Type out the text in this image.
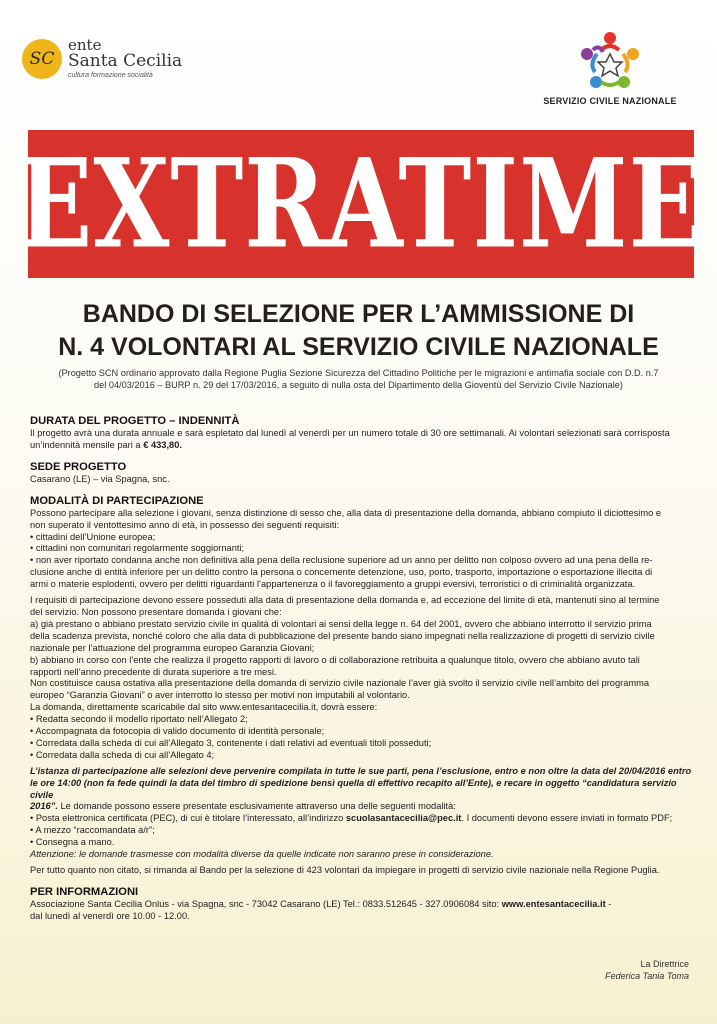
SC
ente
Santa Cecilia
cultura formazione socialità
SERVIZIO CIVILE NAZIONALE
EXTRATIME
BANDO DI SELEZIONE PER L’AMMISSIONE DI
N. 4 VOLONTARI AL SERVIZIO CIVILE NAZIONALE
(Progetto SCN ordinario approvato dalla Regione Puglia Sezione Sicurezza del Cittadino Politiche per le migrazioni e antimafia sociale con D.D. n.7
del 04/03/2016 – BURP n. 29 del 17/03/2016, a seguito di nulla osta del Dipartimento della Gioventù del Servizio Civile Nazionale)

DURATA DEL PROGETTO – INDENNITÀ

Il progetto avrà una durata annuale e sarà espletato dal lunedì al venerdì per un numero totale di 30 ore settimanali. Ai volontari selezionati sarà corrisposta

un’indennità mensile pari a € 433,80.

SEDE PROGETTO

Casarano (LE) – via Spagna, snc.

MODALITÀ DI PARTECIPAZIONE

Possono partecipare alla selezione i giovani, senza distinzione di sesso che, alla data di presentazione della domanda, abbiano compiuto il diciottesimo e

non superato il ventottesimo anno di età, in possesso dei seguenti requisiti:

• cittadini dell’Unione europea;

• cittadini non comunitari regolarmente soggiornanti;

• non aver riportato condanna anche non definitiva alla pena della reclusione superiore ad un anno per delitto non colposo ovvero ad una pena della re-

clusione anche di entità inferiore per un delitto contro la persona o concernente detenzione, uso, porto, trasporto, importazione o esportazione illecita di

armi o materie esplodenti, ovvero per delitti riguardanti l’appartenenza o il favoreggiamento a gruppi eversivi, terroristici o di criminalità organizzata.

I requisiti di partecipazione devono essere posseduti alla data di presentazione della domanda e, ad eccezione del limite di età, mantenuti sino al termine

del servizio. Non possono presentare domanda i giovani che:

a) già prestano o abbiano prestato servizio civile in qualità di volontari ai sensi della legge n. 64 del 2001, ovvero che abbiano interrotto il servizio prima

della scadenza prevista, nonché coloro che alla data di pubblicazione del presente bando siano impegnati nella realizzazione di progetti di servizio civile

nazionale per l’attuazione del programma europeo Garanzia Giovani;

b) abbiano in corso con l’ente che realizza il progetto rapporti di lavoro o di collaborazione retribuita a qualunque titolo, ovvero che abbiano avuto tali

rapporti nell’anno precedente di durata superiore a tre mesi.

Non costituisce causa ostativa alla presentazione della domanda di servizio civile nazionale l’aver già svolto il servizio civile nell’ambito del programma

europeo “Garanzia Giovani” o aver interrotto lo stesso per motivi non imputabili al volontario.

La domanda, direttamente scaricabile dal sito www.entesantacecilia.it, dovrà essere:

• Redatta secondo il modello riportato nell’Allegato 2;

• Accompagnata da fotocopia di valido documento di identità personale;

• Corredata dalla scheda di cui all’Allegato 3, contenente i dati relativi ad eventuali titoli posseduti;

• Corredata dalla scheda di cui all’Allegato 4;

L’istanza di partecipazione alle selezioni deve pervenire compilata in tutte le sue parti, pena l’esclusione, entro e non oltre la data del 20/04/2016 entro

le ore 14:00 (non fa fede quindi la data del timbro di spedizione bensì quella di effettivo recapito all’Ente), e recare in oggetto “candidatura servizio civile

2016”. Le domande possono essere presentate esclusivamente attraverso una delle seguenti modalità:

• Posta elettronica certificata (PEC), di cui è titolare l’interessato, all’indirizzo scuolasantacecilia@pec.it. I documenti devono essere inviati in formato PDF;

• A mezzo “raccomandata a/r”;

• Consegna a mano.

Attenzione: le domande trasmesse con modalità diverse da quelle indicate non saranno prese in considerazione.

Per tutto quanto non citato, si rimanda al Bando per la selezione di 423 volontari da impiegare in progetti di servizio civile nazionale nella Regione Puglia.

PER INFORMAZIONI

Associazione Santa Cecilia Onlus - via Spagna, snc - 73042 Casarano (LE) Tel.: 0833.512645 - 327.0906084 sito: www.entesantacecilia.it -

dal lunedì al venerdì ore 10.00 - 12.00.

La Direttrice
Federica Tania Toma
